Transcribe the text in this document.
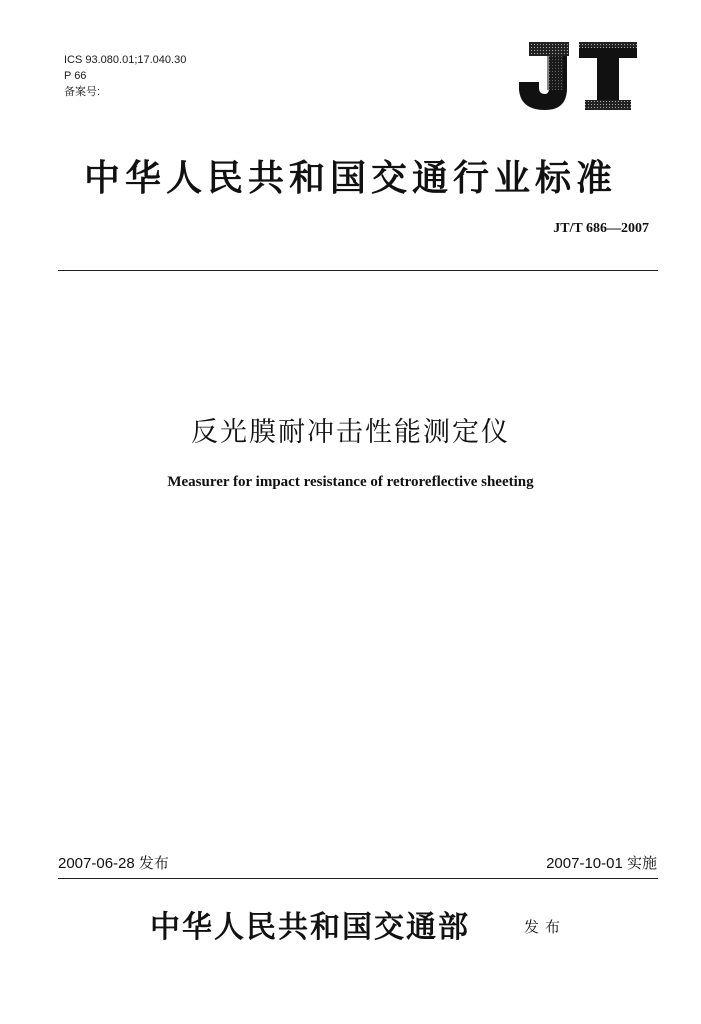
ICS 93.080.01;17.040.30
P 66
备案号:
中华人民共和国交通行业标准
JT/T 686—2007
反光膜耐冲击性能测定仪
Measurer for impact resistance of retroreflective sheeting
2007-06-28 发布	2007-10-01 实施
中华人民共和国交通部	发布
